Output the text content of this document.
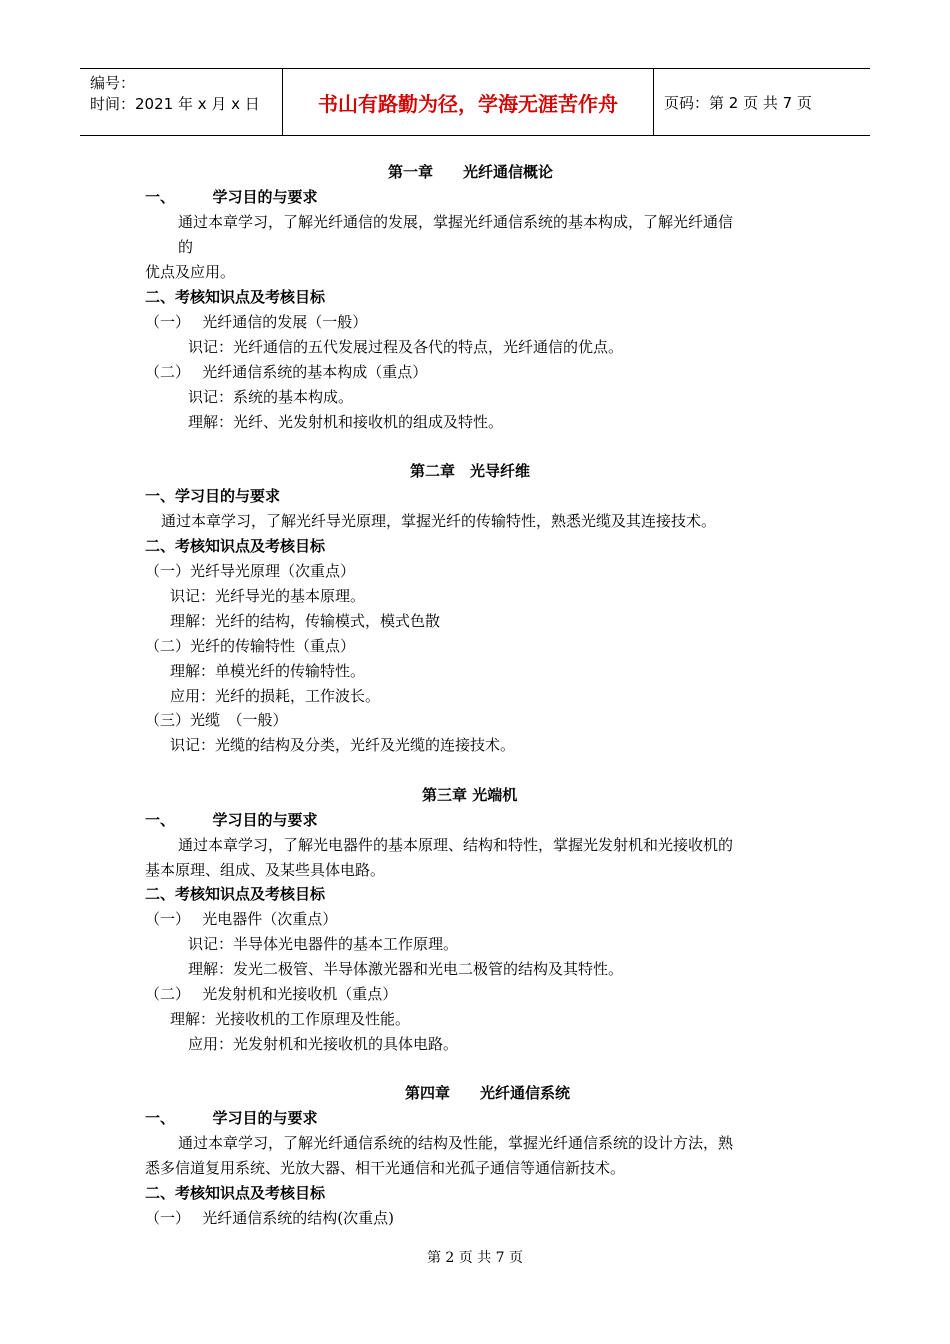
编号：
时间：2021 年 x 月 x 日	书山有路勤为径，学海无涯苦作舟	页码：第 2 页 共 7 页
第一章　　光纤通信概论
一、　　　学习目的与要求
通过本章学习，了解光纤通信的发展，掌握光纤通信系统的基本构成，了解光纤通信
的
优点及应用。
二、考核知识点及考核目标
（一）　 光纤通信的发展（一般）
识记：光纤通信的五代发展过程及各代的特点，光纤通信的优点。
（二）　 光纤通信系统的基本构成（重点）
识记：系统的基本构成。
理解：光纤、光发射机和接收机的组成及特性。
第二章　光导纤维
一、学习目的与要求
通过本章学习，了解光纤导光原理，掌握光纤的传输特性，熟悉光缆及其连接技术。
二、考核知识点及考核目标
（一）光纤导光原理（次重点）
识记：光纤导光的基本原理。
理解：光纤的结构，传输模式，模式色散
（二）光纤的传输特性（重点）
理解：单模光纤的传输特性。
应用：光纤的损耗，工作波长。
（三）光缆　（一般）
识记：光缆的结构及分类，光纤及光缆的连接技术。
第三章 光端机
一、　　　学习目的与要求
通过本章学习，了解光电器件的基本原理、结构和特性，掌握光发射机和光接收机的
基本原理、组成、及某些具体电路。
二、考核知识点及考核目标
（一）　 光电器件（次重点）
识记：半导体光电器件的基本工作原理。
理解：发光二极管、半导体激光器和光电二极管的结构及其特性。
（二）　 光发射机和光接收机（重点）
理解：光接收机的工作原理及性能。
应用：光发射机和光接收机的具体电路。
第四章　　光纤通信系统
一、　　　学习目的与要求
通过本章学习，了解光纤通信系统的结构及性能，掌握光纤通信系统的设计方法，熟
悉多信道复用系统、光放大器、相干光通信和光孤子通信等通信新技术。
二、考核知识点及考核目标
（一）　 光纤通信系统的结构(次重点)
第 2 页 共 7 页
